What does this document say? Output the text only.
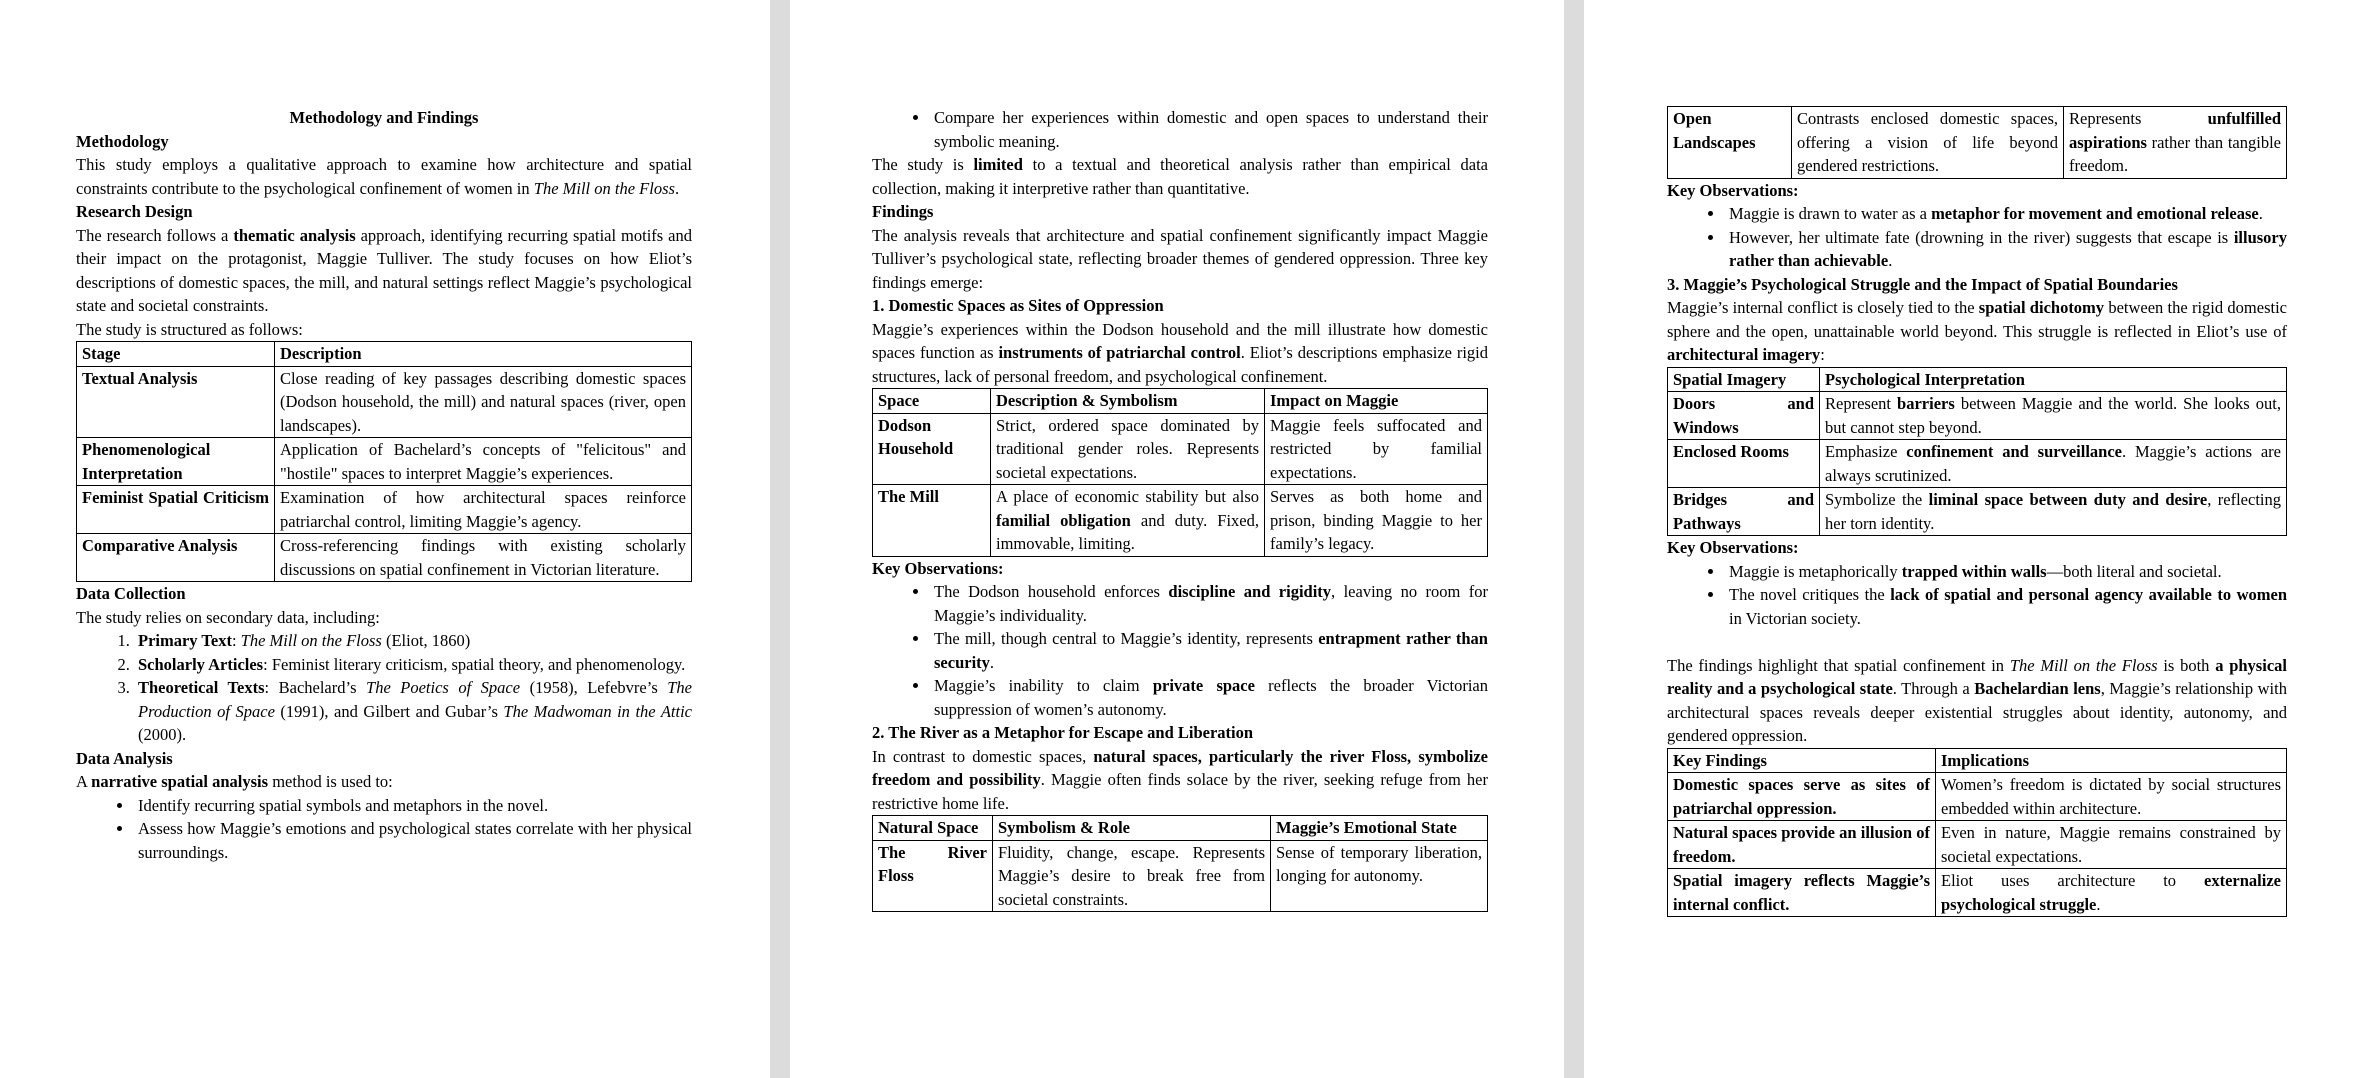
Methodology and Findings

Methodology

This study employs a qualitative approach to examine how architecture and spatial constraints contribute to the psychological confinement of women in The Mill on the Floss.

Research Design

The research follows a thematic analysis approach, identifying recurring spatial motifs and their impact on the protagonist, Maggie Tulliver. The study focuses on how Eliot’s descriptions of domestic spaces, the mill, and natural settings reflect Maggie’s psychological state and societal constraints.

The study is structured as follows:

Stage	Description
Textual Analysis	Close reading of key passages describing domestic spaces (Dodson household, the mill) and natural spaces (river, open landscapes).
Phenomenological Interpretation	Application of Bachelard’s concepts of "felicitous" and "hostile" spaces to interpret Maggie’s experiences.
Feminist Spatial Criticism	Examination of how architectural spaces reinforce patriarchal control, limiting Maggie’s agency.
Comparative Analysis	Cross-referencing findings with existing scholarly discussions on spatial confinement in Victorian literature.

Data Collection

The study relies on secondary data, including:

1. Primary Text: The Mill on the Floss (Eliot, 1860)
2. Scholarly Articles: Feminist literary criticism, spatial theory, and phenomenology.
3. Theoretical Texts: Bachelard’s The Poetics of Space (1958), Lefebvre’s The Production of Space (1991), and Gilbert and Gubar’s The Madwoman in the Attic (2000).

Data Analysis

A narrative spatial analysis method is used to:

• Identify recurring spatial symbols and metaphors in the novel.
• Assess how Maggie’s emotions and psychological states correlate with her physical surroundings.
• Compare her experiences within domestic and open spaces to understand their symbolic meaning.

The study is limited to a textual and theoretical analysis rather than empirical data collection, making it interpretive rather than quantitative.

Findings

The analysis reveals that architecture and spatial confinement significantly impact Maggie Tulliver’s psychological state, reflecting broader themes of gendered oppression. Three key findings emerge:

1. Domestic Spaces as Sites of Oppression

Maggie’s experiences within the Dodson household and the mill illustrate how domestic spaces function as instruments of patriarchal control. Eliot’s descriptions emphasize rigid structures, lack of personal freedom, and psychological confinement.

Space	Description & Symbolism	Impact on Maggie
Dodson Household	Strict, ordered space dominated by traditional gender roles. Represents societal expectations.	Maggie feels suffocated and restricted by familial expectations.
The Mill	A place of economic stability but also familial obligation and duty. Fixed, immovable, limiting.	Serves as both home and prison, binding Maggie to her family’s legacy.

Key Observations:

• The Dodson household enforces discipline and rigidity, leaving no room for Maggie’s individuality.
• The mill, though central to Maggie’s identity, represents entrapment rather than security.
• Maggie’s inability to claim private space reflects the broader Victorian suppression of women’s autonomy.

2. The River as a Metaphor for Escape and Liberation

In contrast to domestic spaces, natural spaces, particularly the river Floss, symbolize freedom and possibility. Maggie often finds solace by the river, seeking refuge from her restrictive home life.

Natural Space	Symbolism & Role	Maggie’s Emotional State
The River Floss	Fluidity, change, escape. Represents Maggie’s desire to break free from societal constraints.	Sense of temporary liberation, longing for autonomy.
Open Landscapes	Contrasts enclosed domestic spaces, offering a vision of life beyond gendered restrictions.	Represents unfulfilled aspirations rather than tangible freedom.

Key Observations:

• Maggie is drawn to water as a metaphor for movement and emotional release.
• However, her ultimate fate (drowning in the river) suggests that escape is illusory rather than achievable.

3. Maggie’s Psychological Struggle and the Impact of Spatial Boundaries

Maggie’s internal conflict is closely tied to the spatial dichotomy between the rigid domestic sphere and the open, unattainable world beyond. This struggle is reflected in Eliot’s use of architectural imagery:

Spatial Imagery	Psychological Interpretation
Doors and Windows	Represent barriers between Maggie and the world. She looks out, but cannot step beyond.
Enclosed Rooms	Emphasize confinement and surveillance. Maggie’s actions are always scrutinized.
Bridges and Pathways	Symbolize the liminal space between duty and desire, reflecting her torn identity.

Key Observations:

• Maggie is metaphorically trapped within walls—both literal and societal.
• The novel critiques the lack of spatial and personal agency available to women in Victorian society.

The findings highlight that spatial confinement in The Mill on the Floss is both a physical reality and a psychological state. Through a Bachelardian lens, Maggie’s relationship with architectural spaces reveals deeper existential struggles about identity, autonomy, and gendered oppression.

Key Findings	Implications
Domestic spaces serve as sites of patriarchal oppression.	Women’s freedom is dictated by social structures embedded within architecture.
Natural spaces provide an illusion of freedom.	Even in nature, Maggie remains constrained by societal expectations.
Spatial imagery reflects Maggie’s internal conflict.	Eliot uses architecture to externalize psychological struggle.
